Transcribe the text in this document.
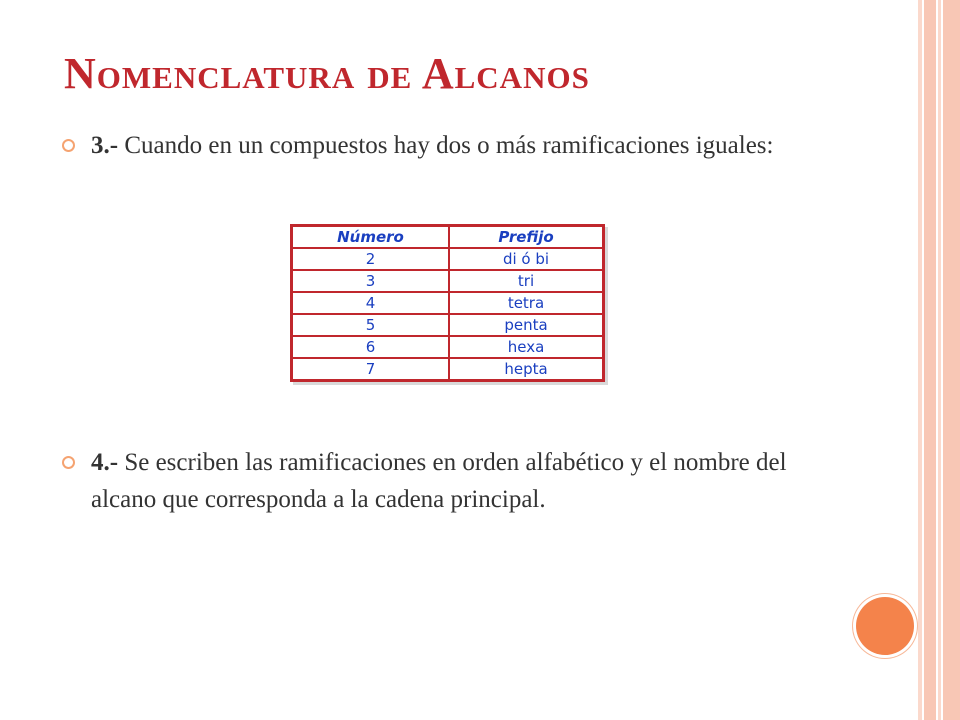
Nomenclatura de Alcanos
3.- Cuando en un compuestos hay dos o más ramificaciones iguales:
Número	Prefijo
2	di ó bi
3	tri
4	tetra
5	penta
6	hexa
7	hepta
4.- Se escriben las ramificaciones en orden alfabético y el nombre del alcano que corresponda a la cadena principal.
